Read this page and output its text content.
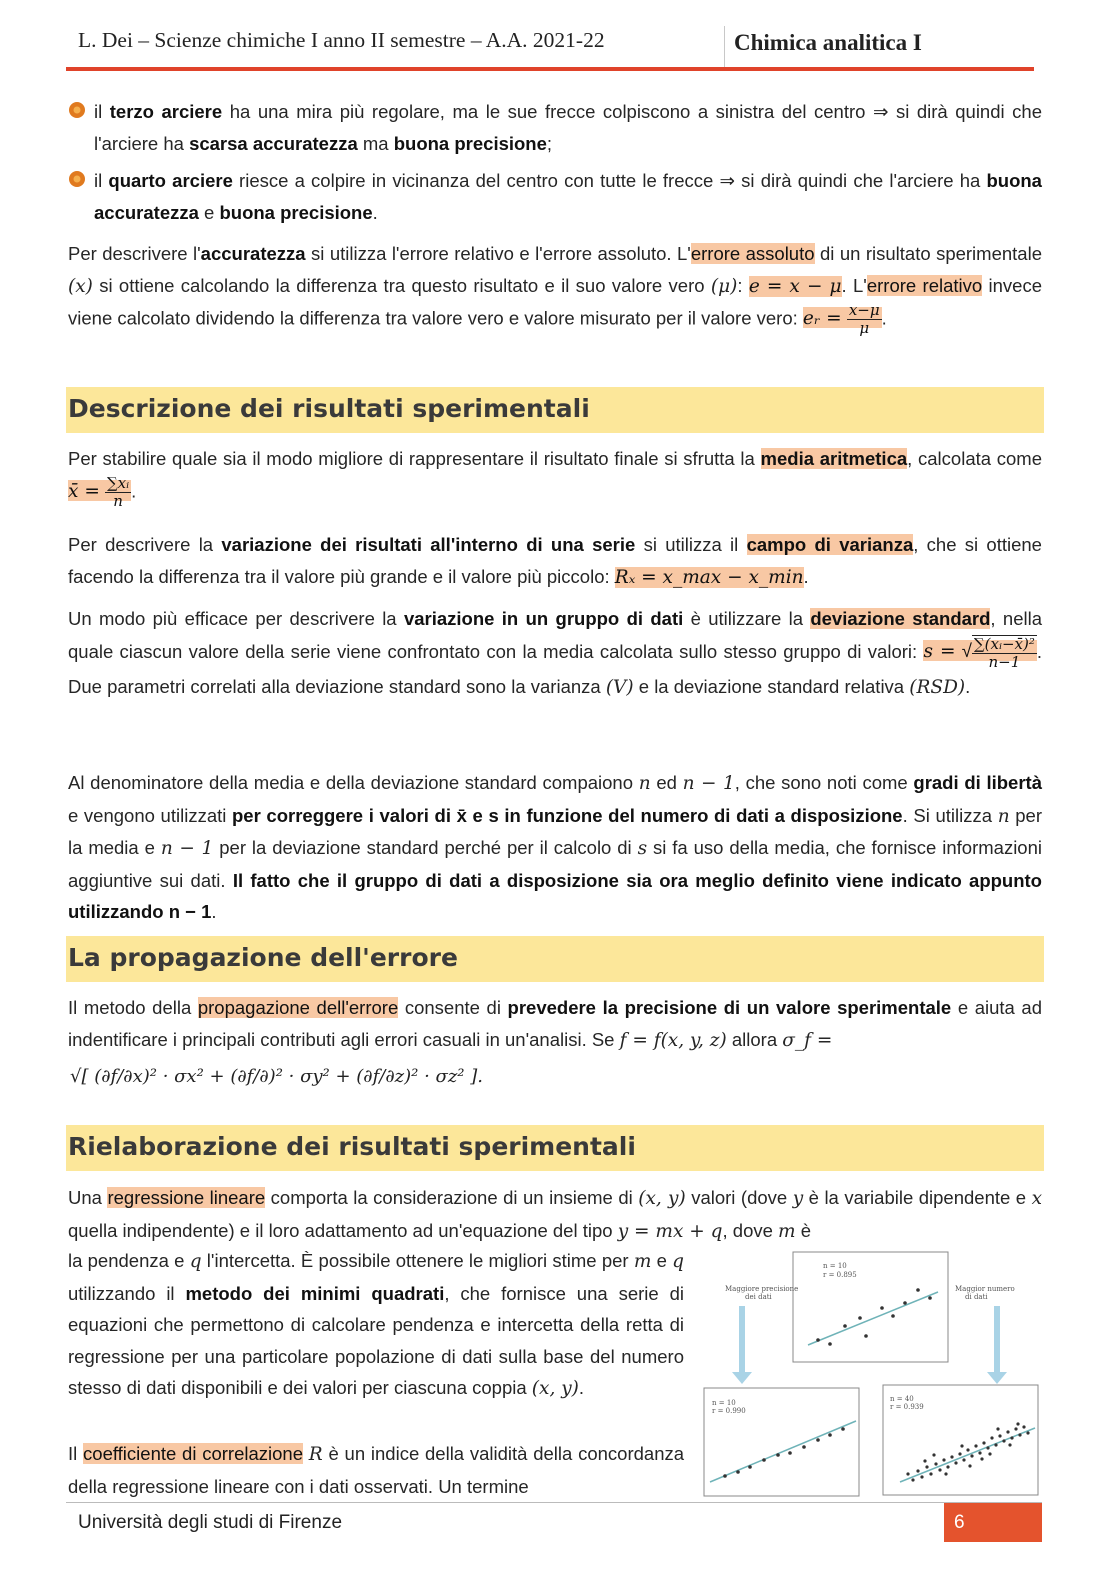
L. Dei – Scienze chimiche I anno II semestre – A.A. 2021-22	Chimica analitica I
il terzo arciere ha una mira più regolare, ma le sue frecce colpiscono a sinistra del centro ⇒ si dirà quindi che l'arciere ha scarsa accuratezza ma buona precisione;
il quarto arciere riesce a colpire in vicinanza del centro con tutte le frecce ⇒ si dirà quindi che l'arciere ha buona accuratezza e buona precisione.
Per descrivere l'accuratezza si utilizza l'errore relativo e l'errore assoluto. L'errore assoluto di un risultato sperimentale (x) si ottiene calcolando la differenza tra questo risultato e il suo valore vero (μ): e = x − μ. L'errore relativo invece viene calcolato dividendo la differenza tra valore vero e valore misurato per il valore vero: eᵣ = $\frac{x-\mu}{\mu}$ .
Descrizione dei risultati sperimentali
Per stabilire quale sia il modo migliore di rappresentare il risultato finale si sfrutta la media aritmetica, calcolata come x̄ = $\frac{\text{∑xᵢ}}{n}$ .
Per descrivere la variazione dei risultati all'interno di una serie si utilizza il campo di varianza, che si ottiene facendo la differenza tra il valore più grande e il valore più piccolo: Rₓ = x_max − x_min.
Un modo più efficace per descrivere la variazione in un gruppo di dati è utilizzare la deviazione standard, nella quale ciascun valore della serie viene confrontato con la media calcolata sullo stesso gruppo di valori: s = √ $\frac{\text{∑(xᵢ−x̄)²}}{n-1}$ . Due parametri correlati alla deviazione standard sono la varianza (V) e la deviazione standard relativa (RSD).
Al denominatore della media e della deviazione standard compaiono n ed n − 1, che sono noti come gradi di libertà e vengono utilizzati per correggere i valori di x̄ e s in funzione del numero di dati a disposizione. Si utilizza n per la media e n − 1 per la deviazione standard perché per il calcolo di s si fa uso della media, che fornisce informazioni aggiuntive sui dati. Il fatto che il gruppo di dati a disposizione sia ora meglio definito viene indicato appunto utilizzando n − 1.
La propagazione dell'errore
Il metodo della propagazione dell'errore consente di prevedere la precisione di un valore sperimentale e aiuta ad indentificare i principali contributi agli errori casuali in un'analisi. Se f = f(x, y, z) allora σ_f =
√[ (∂f/∂x)² · σx² + (∂f/∂)² · σy² + (∂f/∂z)² · σz² ].
Rielaborazione dei risultati sperimentali
Una regressione lineare comporta la considerazione di un insieme di (x, y) valori (dove y è la variabile dipendente e x quella indipendente) e il loro adattamento ad un'equazione del tipo y = mx + q, dove m è
la pendenza e q l'intercetta. È possibile ottenere le migliori stime per m e q utilizzando il metodo dei minimi quadrati, che fornisce una serie di equazioni che permettono di calcolare pendenza e intercetta della retta di regressione per una particolare popolazione di dati sulla base del numero stesso di dati disponibili e dei valori per ciascuna coppia (x, y).
Il coefficiente di correlazione R è un indice della validità della concordanza della regressione lineare con i dati osservati. Un termine
n = 10
r = 0.895
Maggiore precisione
dei dati
Maggior numero
di dati
n = 10
r = 0.990
n = 40
r = 0.939
Università degli studi di Firenze	6
